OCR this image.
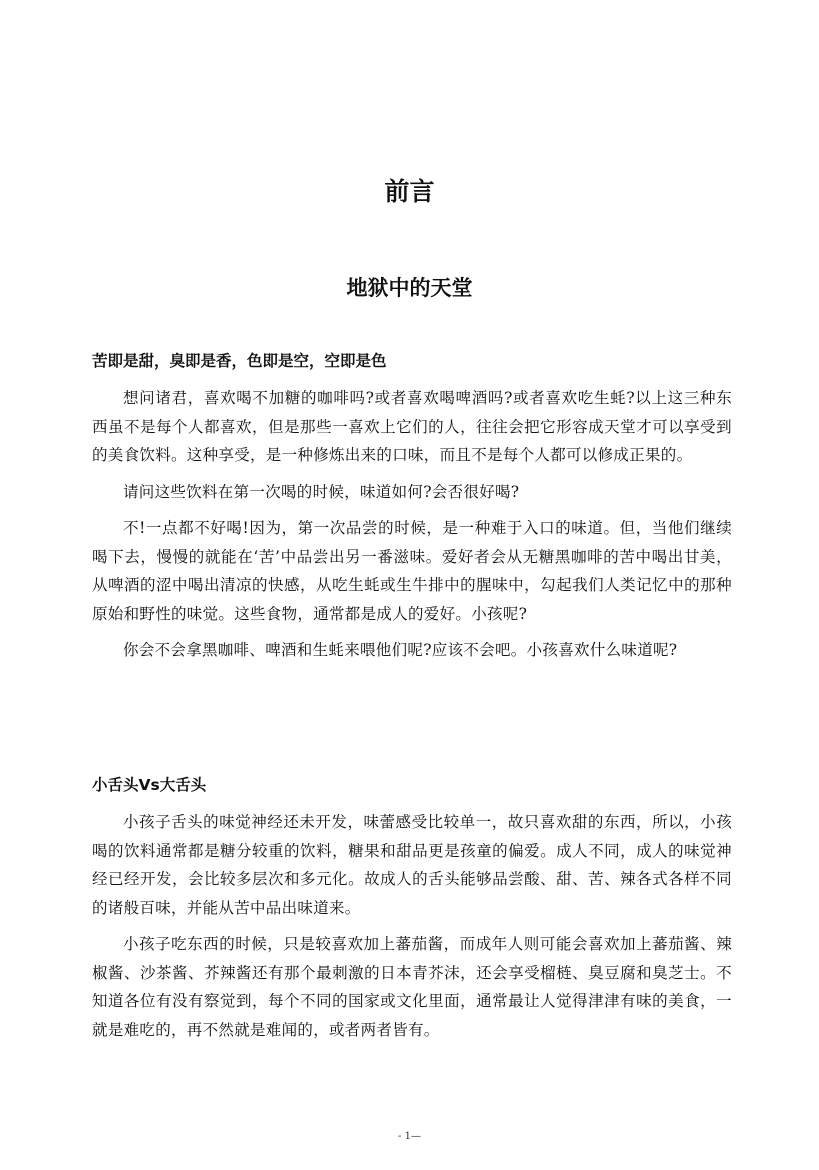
前言
地狱中的天堂
苦即是甜，臭即是香，色即是空，空即是色

想问诸君，喜欢喝不加糖的咖啡吗?或者喜欢喝啤酒吗?或者喜欢吃生蚝?以上这三种东西虽不是每个人都喜欢，但是那些一喜欢上它们的人，往往会把它形容成天堂才可以享受到的美食饮料。这种享受，是一种修炼出来的口味，而且不是每个人都可以修成正果的。

请问这些饮料在第一次喝的时候，味道如何?会否很好喝?

不!一点都不好喝!因为，第一次品尝的时候，是一种难于入口的味道。但，当他们继续喝下去，慢慢的就能在‘苦’中品尝出另一番滋味。爱好者会从无糖黑咖啡的苦中喝出甘美，从啤酒的涩中喝出清凉的快感，从吃生蚝或生牛排中的腥味中，勾起我们人类记忆中的那种原始和野性的味觉。这些食物，通常都是成人的爱好。小孩呢?

你会不会拿黑咖啡、啤酒和生蚝来喂他们呢?应该不会吧。小孩喜欢什么味道呢?

小舌头Vs大舌头

小孩子舌头的味觉神经还未开发，味蕾感受比较单一，故只喜欢甜的东西，所以，小孩喝的饮料通常都是糖分较重的饮料，糖果和甜品更是孩童的偏爱。成人不同，成人的味觉神经已经开发，会比较多层次和多元化。故成人的舌头能够品尝酸、甜、苦、辣各式各样不同的诸般百味，并能从苦中品出味道来。

小孩子吃东西的时候，只是较喜欢加上蕃茄酱，而成年人则可能会喜欢加上蕃茄酱、辣椒酱、沙茶酱、芥辣酱还有那个最刺激的日本青芥沫，还会享受榴梿、臭豆腐和臭芝士。不知道各位有没有察觉到，每个不同的国家或文化里面，通常最让人觉得津津有味的美食，一就是难吃的，再不然就是难闻的，或者两者皆有。

- 1—
